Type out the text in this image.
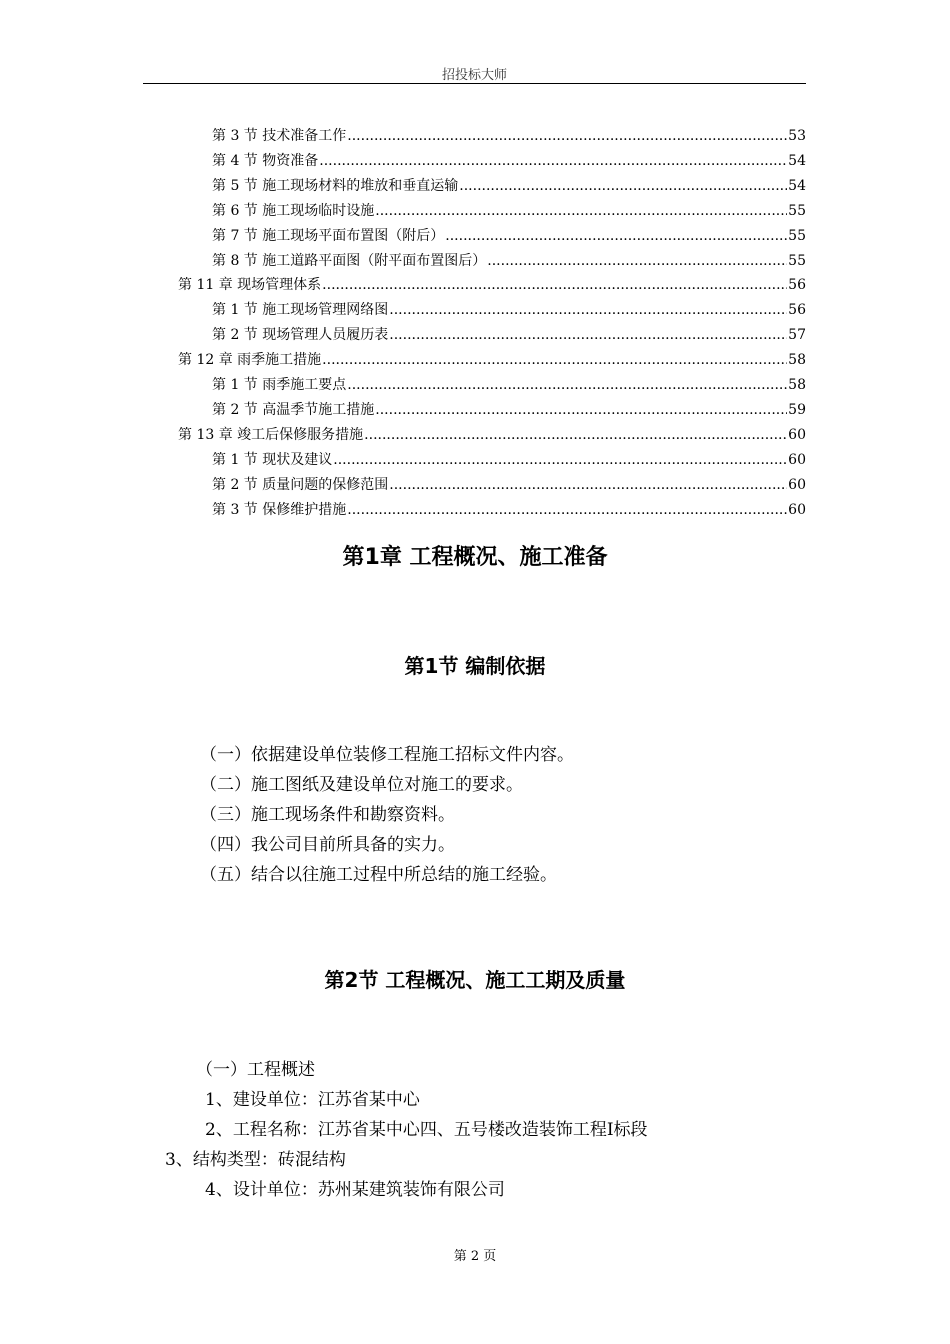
招投标大师
第 3 节 技术准备工作 .....	53
第 4 节 物资准备 .....	54
第 5 节 施工现场材料的堆放和垂直运输 .....	54
第 6 节 施工现场临时设施 .....	55
第 7 节 施工现场平面布置图（附后） .....	55
第 8 节 施工道路平面图（附平面布置图后） .....	55
第 11 章 现场管理体系 .....	56
第 1 节 施工现场管理网络图 .....	56
第 2 节 现场管理人员履历表 .....	57
第 12 章 雨季施工措施 .....	58
第 1 节 雨季施工要点 .....	58
第 2 节 高温季节施工措施 .....	59
第 13 章 竣工后保修服务措施 .....	60
第 1 节 现状及建议 .....	60
第 2 节 质量问题的保修范围 .....	60
第 3 节 保修维护措施 .....	60
第1章 工程概况、施工准备
第1节 编制依据
（一）依据建设单位装修工程施工招标文件内容。
（二）施工图纸及建设单位对施工的要求。
（三）施工现场条件和勘察资料。
（四）我公司目前所具备的实力。
（五）结合以往施工过程中所总结的施工经验。
第2节 工程概况、施工工期及质量
（一）工程概述
1、建设单位：江苏省某中心
2、工程名称：江苏省某中心四、五号楼改造装饰工程Ⅰ标段
3、结构类型：砖混结构
4、设计单位：苏州某建筑装饰有限公司
第 2 页
